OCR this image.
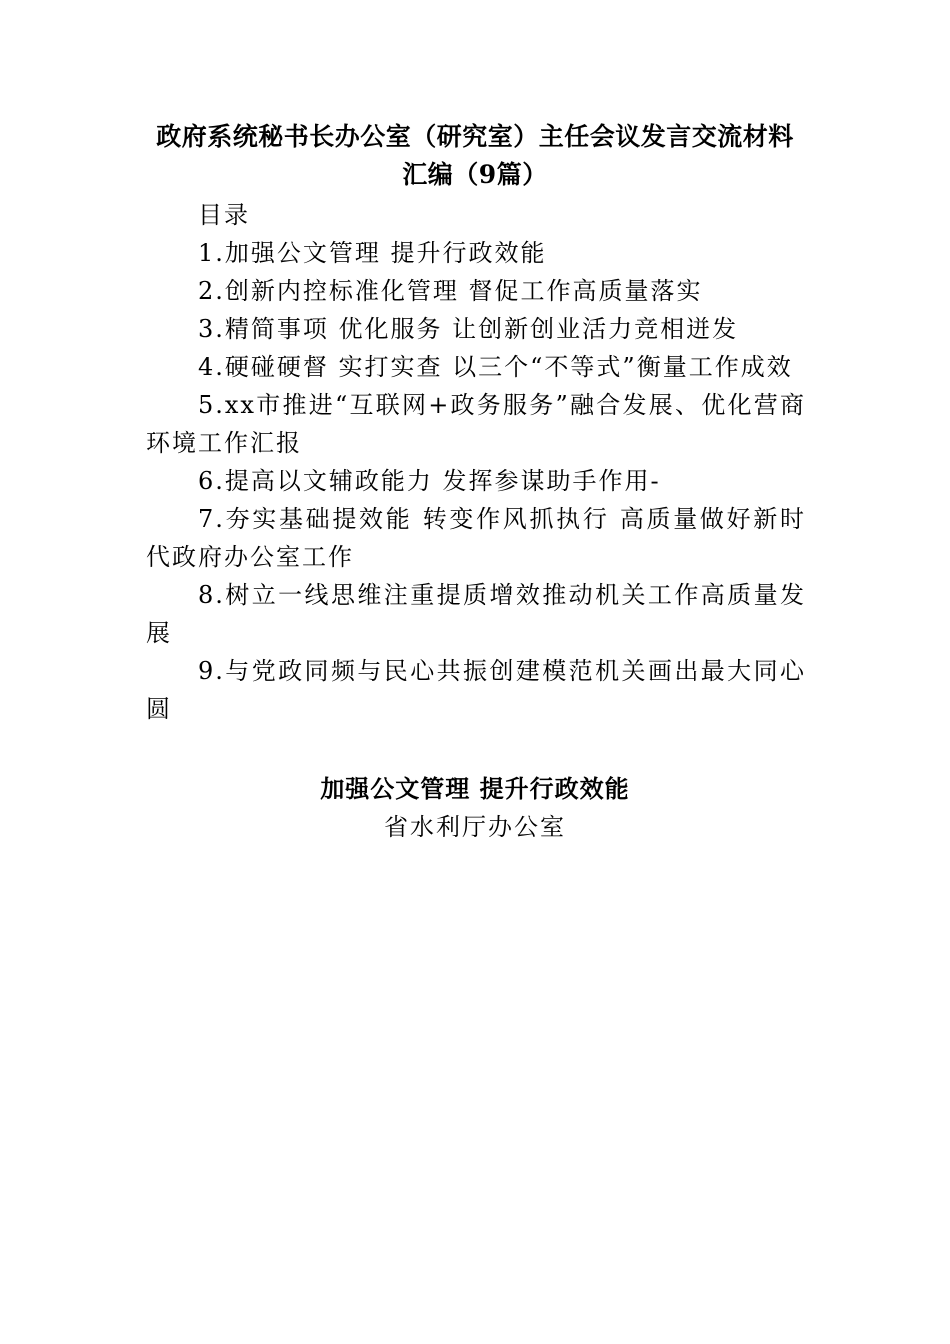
政府系统秘书长办公室（研究室）主任会议发言交流材料
汇编（9篇）
目录
1.加强公文管理 提升行政效能
2.创新内控标准化管理 督促工作高质量落实
3.精简事项 优化服务 让创新创业活力竞相迸发
4.硬碰硬督 实打实查 以三个“不等式”衡量工作成效
5.xx市推进“互联网+政务服务”融合发展、优化营商环境工作汇报
6.提高以文辅政能力 发挥参谋助手作用-
7.夯实基础提效能 转变作风抓执行 高质量做好新时代政府办公室工作
8.树立一线思维注重提质增效推动机关工作高质量发展
9.与党政同频与民心共振创建模范机关画出最大同心圆
加强公文管理 提升行政效能
省水利厅办公室
